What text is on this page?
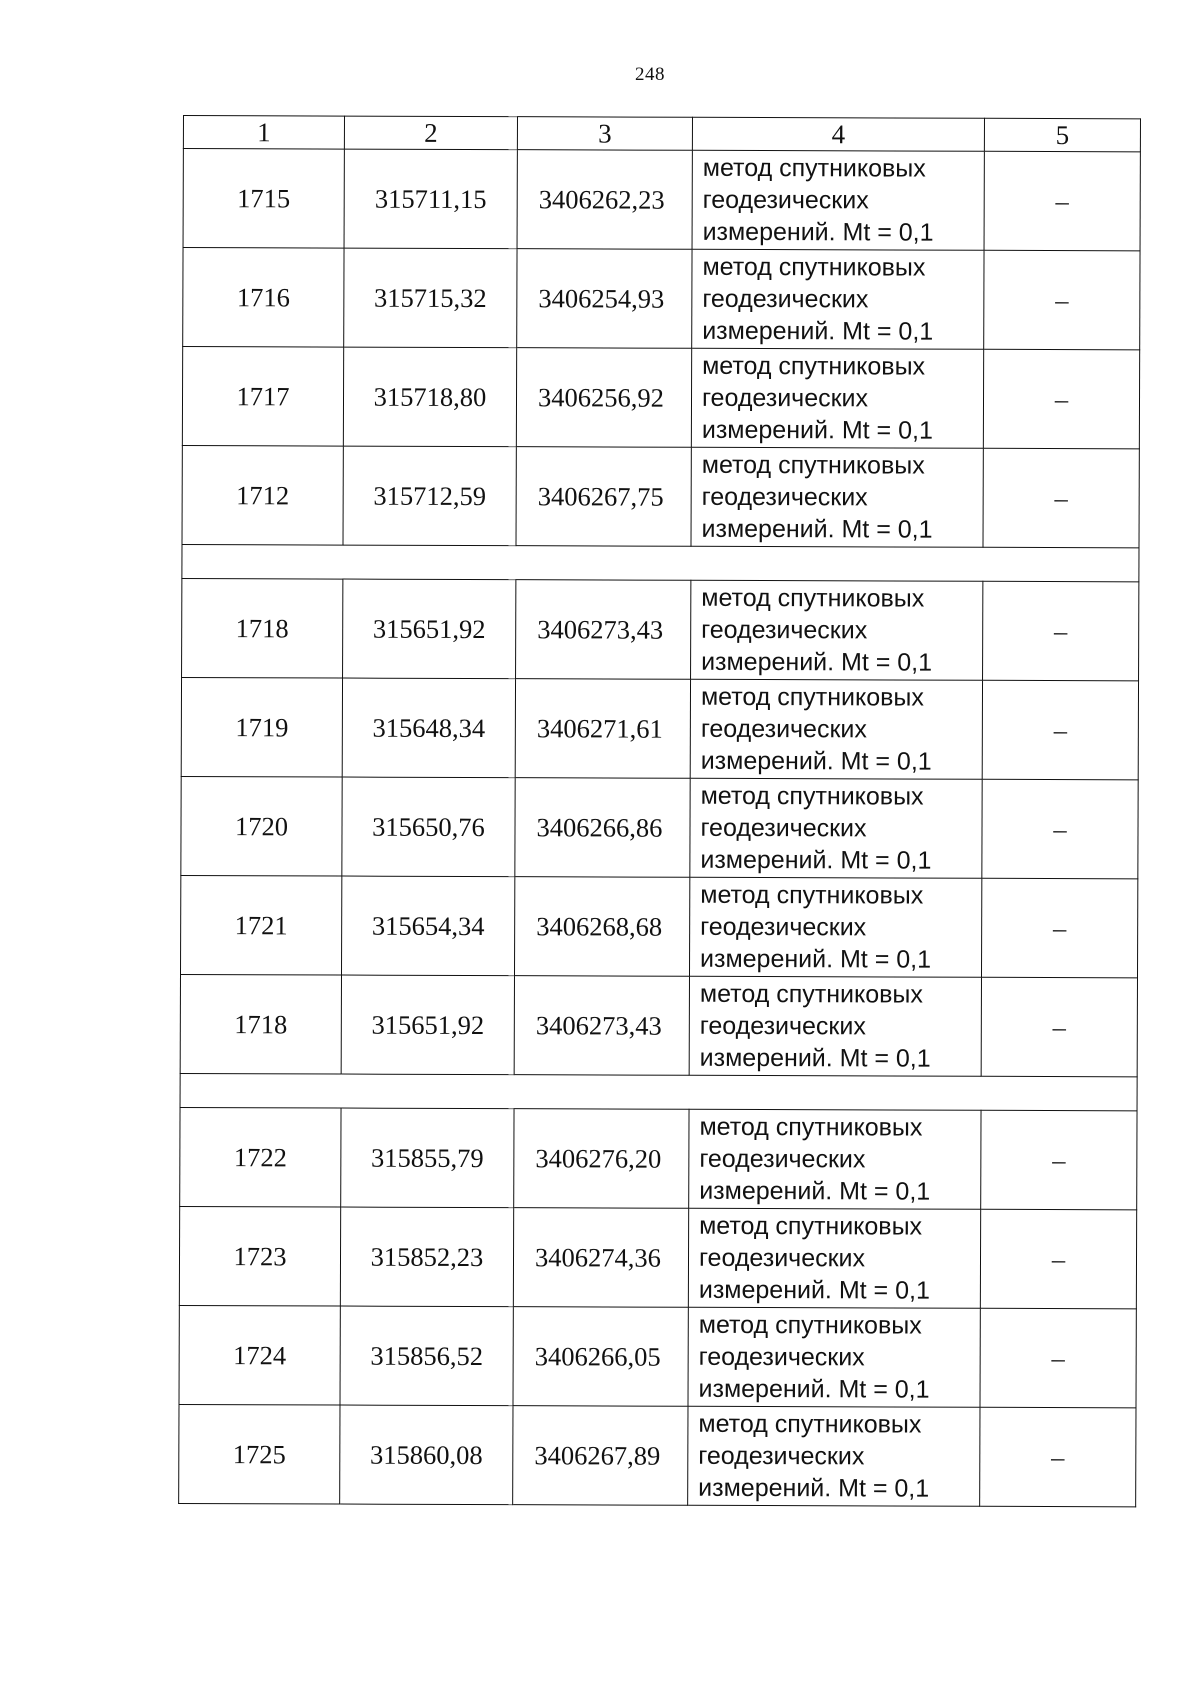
248
1	2	3	4	5
1715	315711,15	3406262,23	метод спутниковых
геодезических
измерений. Mt = 0,1	–
1716	315715,32	3406254,93	метод спутниковых
геодезических
измерений. Mt = 0,1	–
1717	315718,80	3406256,92	метод спутниковых
геодезических
измерений. Mt = 0,1	–
1712	315712,59	3406267,75	метод спутниковых
геодезических
измерений. Mt = 0,1	–

1718	315651,92	3406273,43	метод спутниковых
геодезических
измерений. Mt = 0,1	–
1719	315648,34	3406271,61	метод спутниковых
геодезических
измерений. Mt = 0,1	–
1720	315650,76	3406266,86	метод спутниковых
геодезических
измерений. Mt = 0,1	–
1721	315654,34	3406268,68	метод спутниковых
геодезических
измерений. Mt = 0,1	–
1718	315651,92	3406273,43	метод спутниковых
геодезических
измерений. Mt = 0,1	–

1722	315855,79	3406276,20	метод спутниковых
геодезических
измерений. Mt = 0,1	–
1723	315852,23	3406274,36	метод спутниковых
геодезических
измерений. Mt = 0,1	–
1724	315856,52	3406266,05	метод спутниковых
геодезических
измерений. Mt = 0,1	–
1725	315860,08	3406267,89	метод спутниковых
геодезических
измерений. Mt = 0,1	–
